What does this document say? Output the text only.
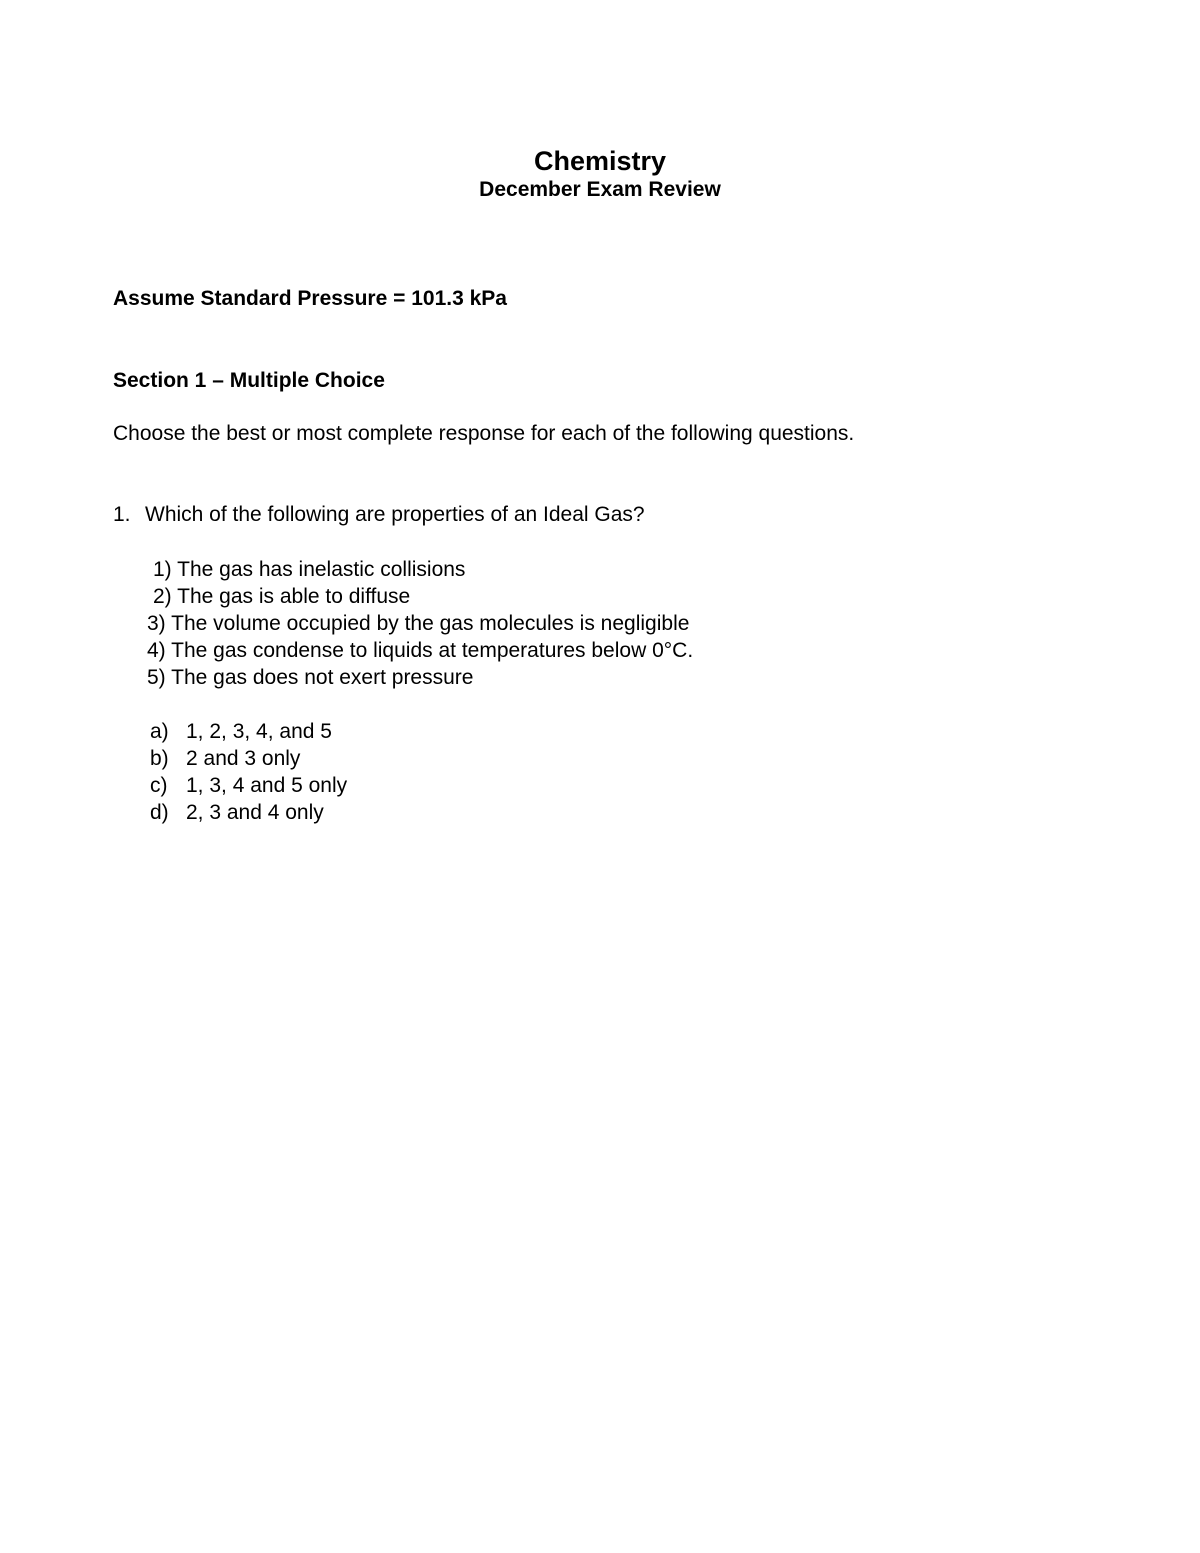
Chemistry
December Exam Review
Assume Standard Pressure = 101.3 kPa
Section 1 – Multiple Choice
Choose the best or most complete response for each of the following questions.
1. Which of the following are properties of an Ideal Gas?
1) The gas has inelastic collisions
2) The gas is able to diffuse
3) The volume occupied by the gas molecules is negligible
4) The gas condense to liquids at temperatures below 0°C.
5) The gas does not exert pressure
a) 1, 2, 3, 4, and 5
b) 2 and 3 only
c) 1, 3, 4 and 5 only
d) 2, 3 and 4 only
